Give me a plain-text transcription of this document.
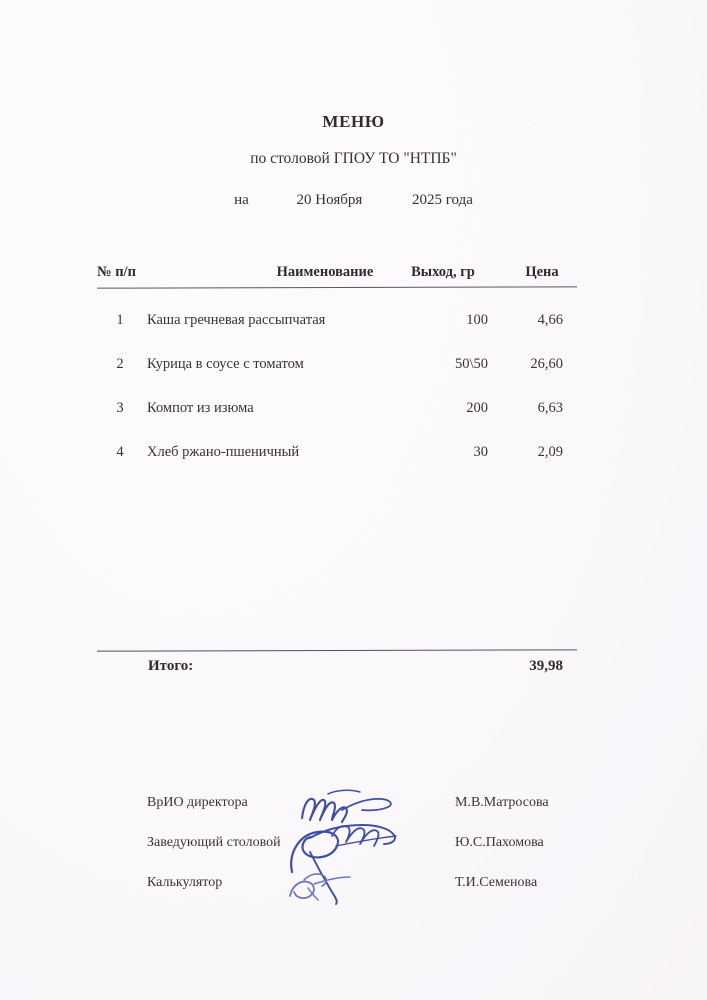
МЕНЮ
по столовой ГПОУ ТО "НТПБ"
на	20 Ноября	2025 года
№ п/п	Наименование	Выход, гр	Цена
1	Каша гречневая рассыпчатая	100	4,66
2	Курица в соусе с томатом	50\50	26,60
3	Компот из изюма	200	6,63
4	Хлеб ржано-пшеничный	30	2,09
Итого:	39,98
ВрИО директора	М.В.Матросова
Заведующий столовой	Ю.С.Пахомова
Калькулятор	Т.И.Семенова
